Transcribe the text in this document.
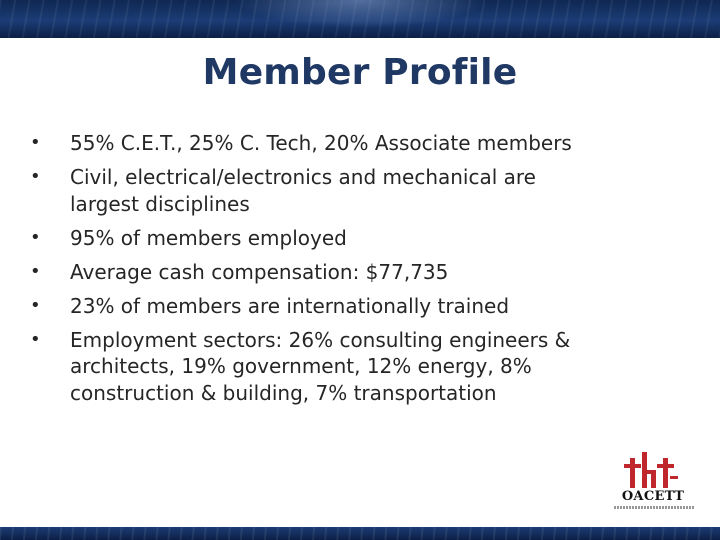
Member Profile
• 55% C.E.T., 25% C. Tech, 20% Associate members
• Civil, electrical/electronics and mechanical are largest disciplines
• 95% of members employed
• Average cash compensation: $77,735
• 23% of members are internationally trained
• Employment sectors: 26% consulting engineers & architects, 19% government, 12% energy, 8% construction & building, 7% transportation
OACETT
